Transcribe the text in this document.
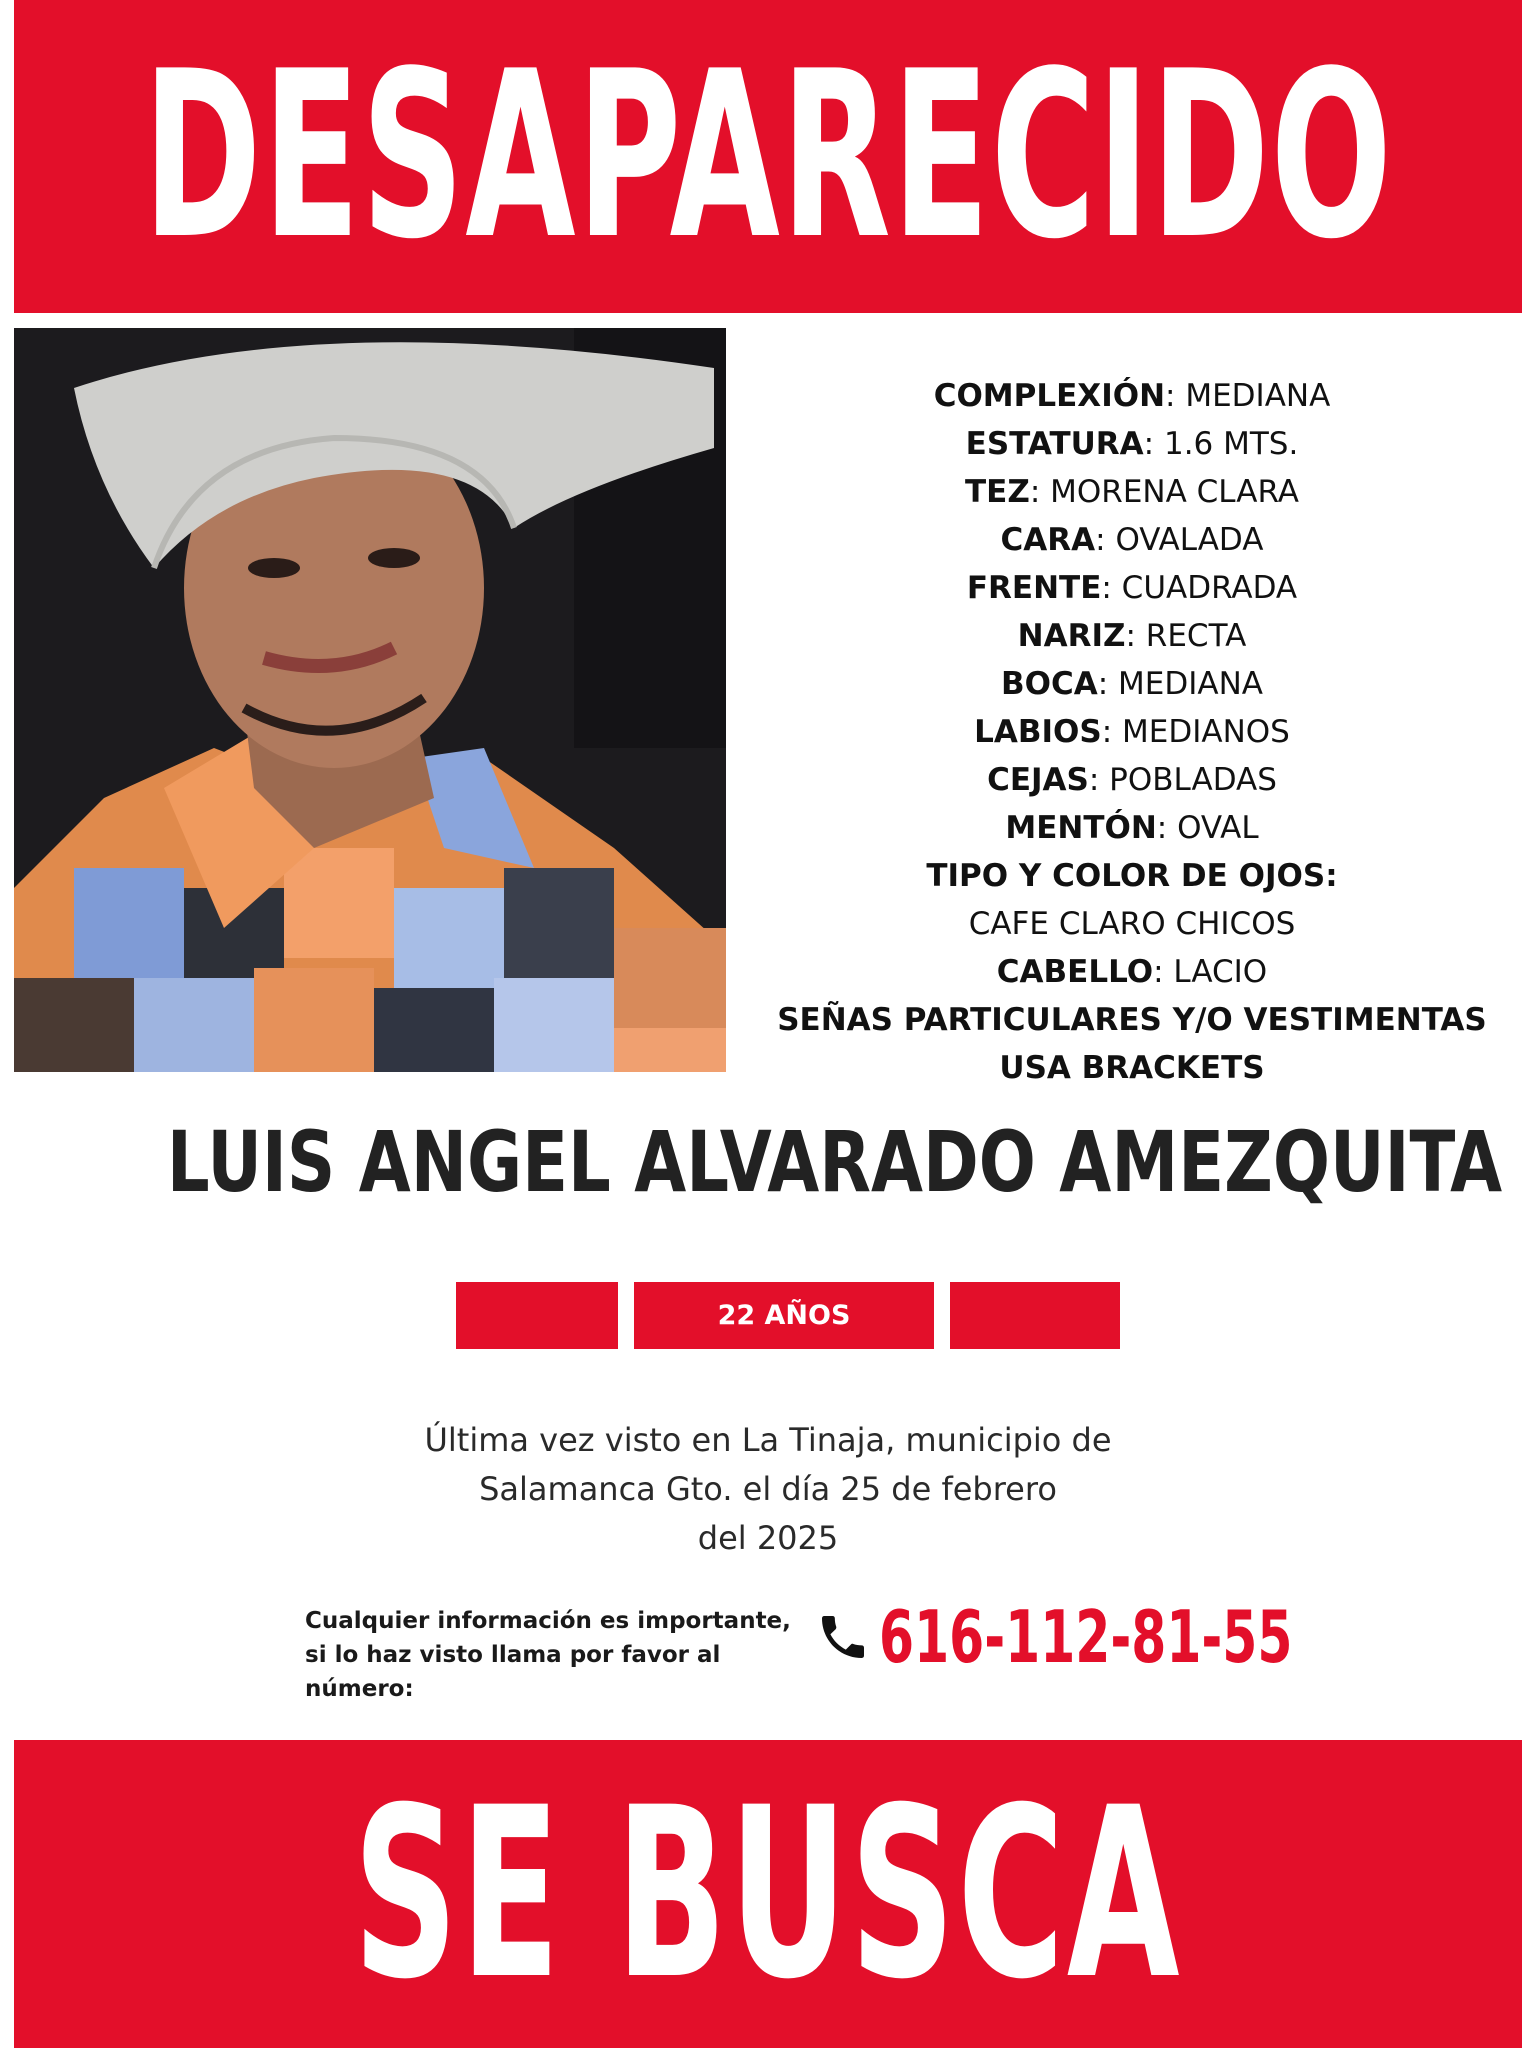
DESAPARECIDO
COMPLEXIÓN: MEDIANA
ESTATURA: 1.6 MTS.
TEZ: MORENA CLARA
CARA: OVALADA
FRENTE: CUADRADA
NARIZ: RECTA
BOCA: MEDIANA
LABIOS: MEDIANOS
CEJAS: POBLADAS
MENTÓN: OVAL
TIPO Y COLOR DE OJOS:
CAFE CLARO CHICOS
CABELLO: LACIO
SEÑAS PARTICULARES Y/O VESTIMENTAS
USA BRACKETS
LUIS ANGEL ALVARADO AMEZQUITA
22 AÑOS
Última vez visto en La Tinaja, municipio de
Salamanca Gto. el día 25 de febrero
del 2025
Cualquier información es importante,
si lo haz visto llama por favor al
número:
616-112-81-55
SE BUSCA
